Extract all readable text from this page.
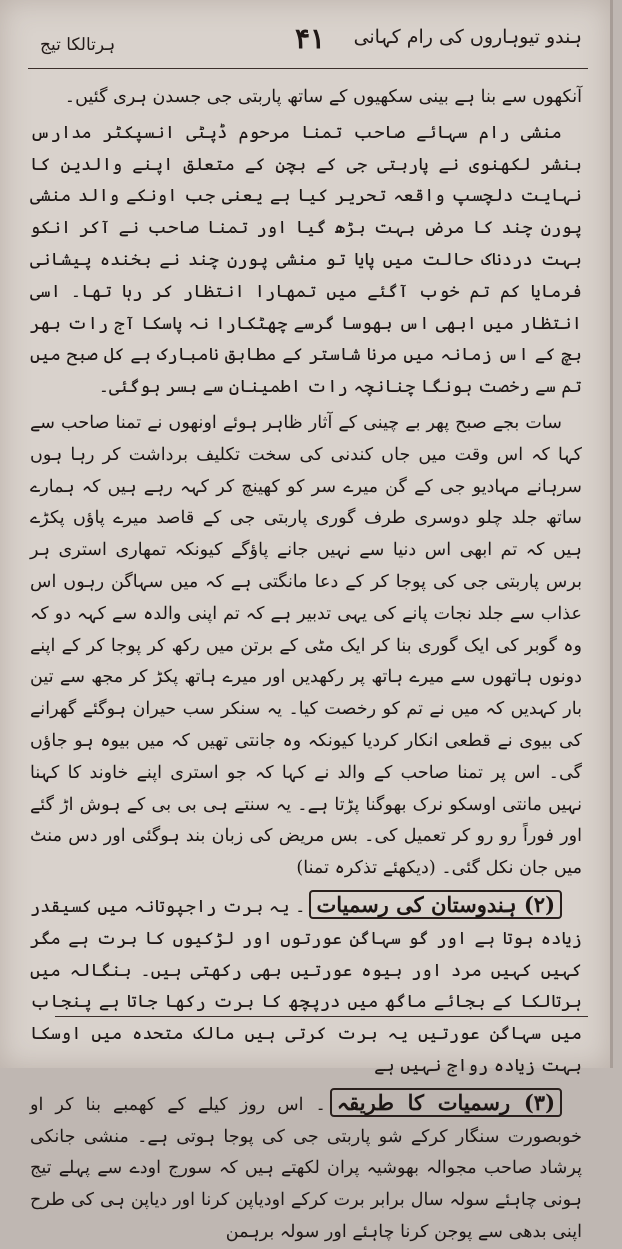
ہندو تیوہاروں کی رام کہانی
۴۱
ہرتالکا تیج

آنکھوں سے بنا ہے بینی سکھیوں کے ساتھ پاربتی جی جسدن ہری گئیں۔

منشی رام سہائے صاحب تمنا مرحوم ڈپٹی انسپکٹر مدارس بنشر لکھنوی نے پاربتی جی کے بچن کے متعلق اپنے والدین کا نہایت دلچسپ واقعہ تحریر کیا ہے یعنی جب اونکے والد منشی پورن چند کا مرض بہت بڑھ گیا اور تمنا صاحب نے آکر انکو بہت دردناک حالت میں پایا تو منشی پورن چند نے بخندہ پیشانی فرمایا کم تم خوب آگئے میں تمھارا انتظار کر رہا تھا۔ اسی انتظار میں ابھی اس بھوسا گرسے چھٹکارا نہ پاسکا آج رات بھر بچ کے اس زمانہ میں مرنا شاستر کے مطابق نامبارک ہے کل صبح میں تم سے رخصت ہونگا چنانچہ رات اطمینان سے بسر ہوگئی۔

سات بجے صبح پھر بے چینی کے آثار ظاہر ہوئے اونھوں نے تمنا صاحب سے کہا کہ اس وقت میں جاں کندنی کی سخت تکلیف برداشت کر رہا ہوں سرہانے مہادیو جی کے گن میرے سر کو کھینچ کر کہہ رہے ہیں کہ ہمارے ساتھ جلد چلو دوسری طرف گوری پاربتی جی کے قاصد میرے پاؤں پکڑے ہیں کہ تم ابھی اس دنیا سے نہیں جانے پاؤگے کیونکہ تمھاری استری ہر برس پاربتی جی کی پوجا کر کے دعا مانگتی ہے کہ میں سہاگن رہوں اس عذاب سے جلد نجات پانے کی یہی تدبیر ہے کہ تم اپنی والدہ سے کہہ دو کہ وہ گوبر کی ایک گوری بنا کر ایک مٹی کے برتن میں رکھ کر پوجا کر کے اپنے دونوں ہاتھوں سے میرے ہاتھ پر رکھدیں اور میرے ہاتھ پکڑ کر مجھ سے تین بار کہدیں کہ میں نے تم کو رخصت کیا۔ یہ سنکر سب حیران ہوگئے گھرانے کی بیوی نے قطعی انکار کردیا کیونکہ وہ جانتی تھیں کہ میں بیوہ ہو جاؤں گی۔ اس پر تمنا صاحب کے والد نے کہا کہ جو استری اپنے خاوند کا کہنا نہیں مانتی اوسکو نرک بھوگنا پڑتا ہے۔ یہ سنتے ہی بی بی کے ہوش اڑ گئے اور فوراً رو رو کر تعمیل کی۔ بس مریض کی زبان بند ہوگئی اور دس منٹ میں جان نکل گئی۔ (دیکھئے تذکرہ تمنا)

(۲) ہندوستان کی رسمیات۔ یہ برت راجپوتانہ میں کسیقدر زیادہ ہوتا ہے اور گو سہاگن عورتوں اور لڑکیوں کا برت ہے مگر کہیں کہیں مرد اور بیوہ عورتیں بھی رکھتی ہیں۔ بنگالہ میں ہرتالکا کے بجائے ماگھ میں درپچھ کا برت رکھا جاتا ہے پنجاب میں سہاگن عورتیں یہ برت کرتی ہیں مالک متحدہ میں اوسکا بہت زیادہ رواج نہیں ہے

(۳) رسمیات کا طریقہ۔ اس روز کیلے کے کھمبے بنا کر او خوبصورت سنگار کرکے شو پاربتی جی کی پوجا ہوتی ہے۔ منشی جانکی پرشاد صاحب مجوالہ بھوشیہ پران لکھتے ہیں کہ سورج اودے سے پہلے تیج ہونی چاہئے سولہ سال برابر برت کرکے اودیاپن کرنا اور دیاپن ہی کی طرح اپنی بدھی سے پوجن کرنا چاہئے اور سولہ برہمن
